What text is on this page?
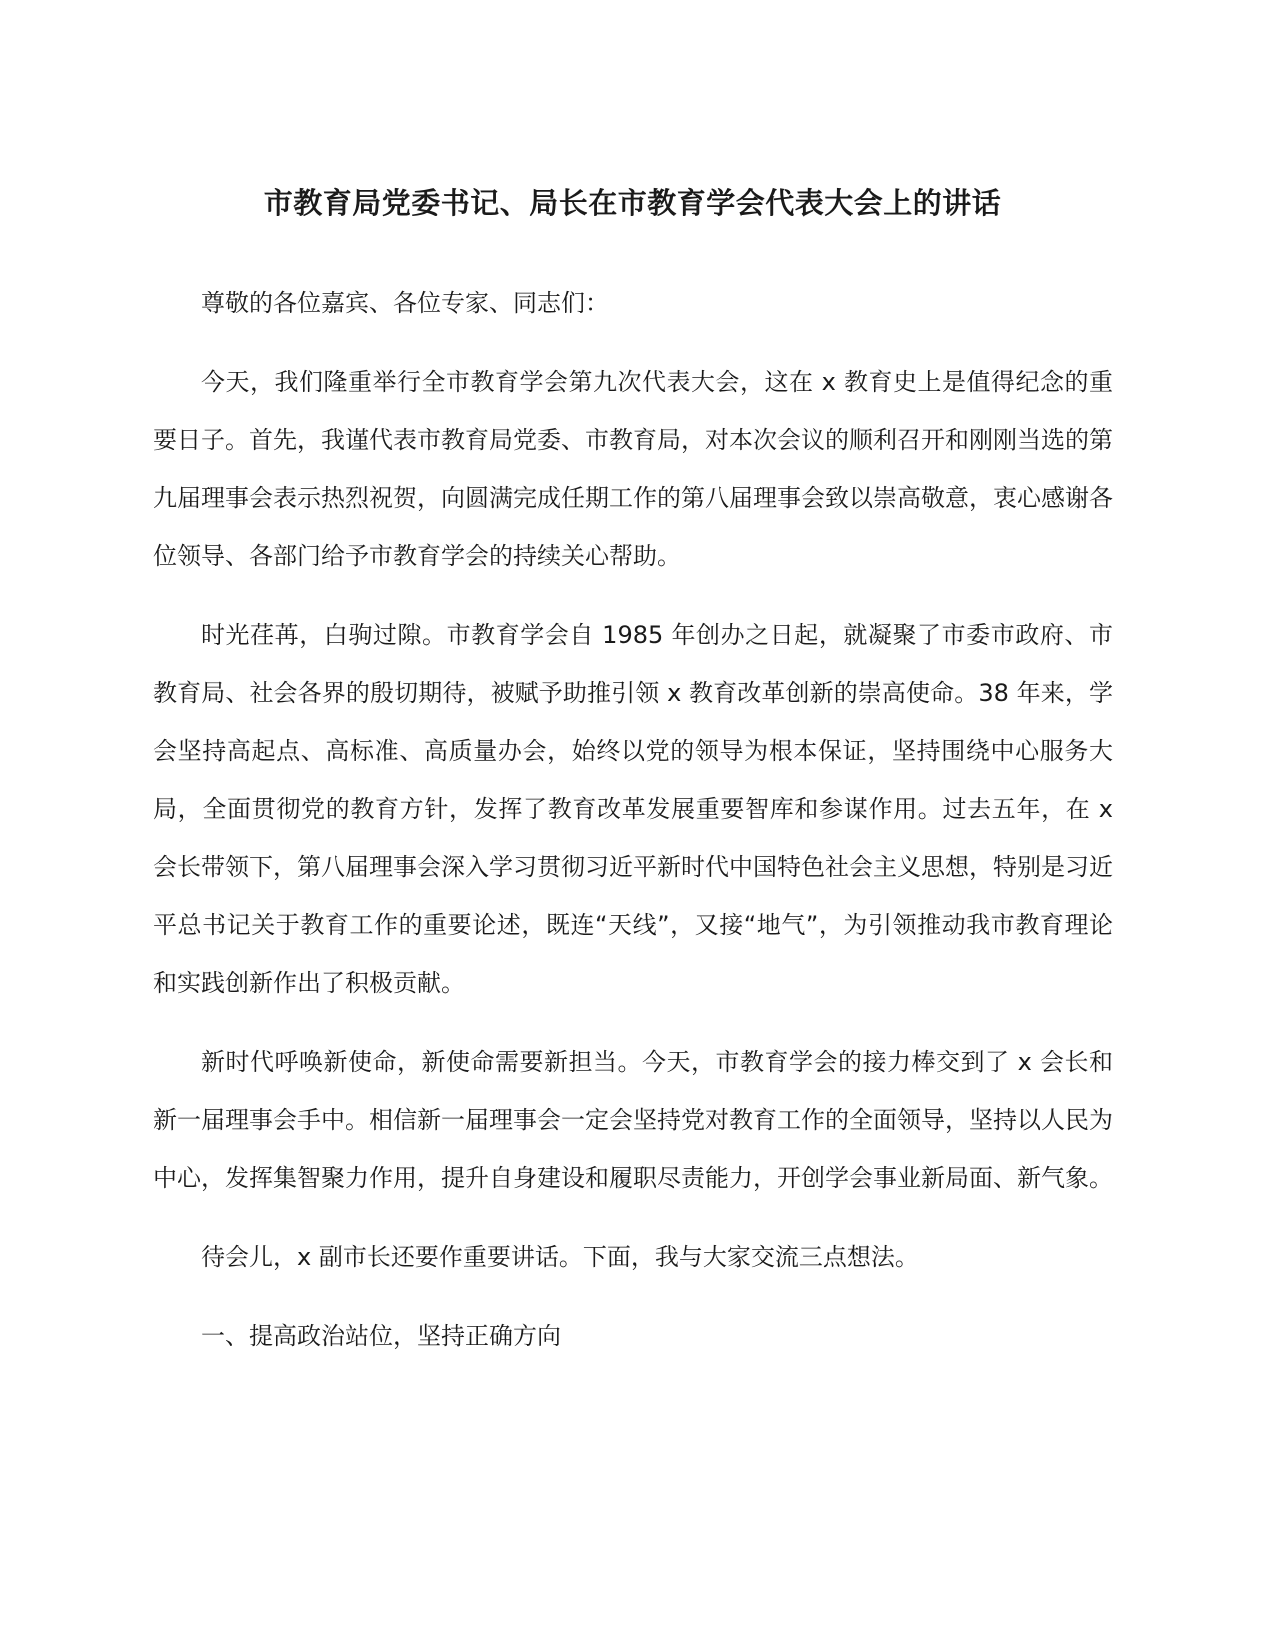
市教育局党委书记、局长在市教育学会代表大会上的讲话

尊敬的各位嘉宾、各位专家、同志们：

今天，我们隆重举行全市教育学会第九次代表大会，这在 x 教育史上是值得纪念的重要日子。首先，我谨代表市教育局党委、市教育局，对本次会议的顺利召开和刚刚当选的第九届理事会表示热烈祝贺，向圆满完成任期工作的第八届理事会致以崇高敬意，衷心感谢各位领导、各部门给予市教育学会的持续关心帮助。

时光荏苒，白驹过隙。市教育学会自 1985 年创办之日起，就凝聚了市委市政府、市教育局、社会各界的殷切期待，被赋予助推引领 x 教育改革创新的崇高使命。38 年来，学会坚持高起点、高标准、高质量办会，始终以党的领导为根本保证，坚持围绕中心服务大局，全面贯彻党的教育方针，发挥了教育改革发展重要智库和参谋作用。过去五年，在 x 会长带领下，第八届理事会深入学习贯彻习近平新时代中国特色社会主义思想，特别是习近平总书记关于教育工作的重要论述，既连“天线”，又接“地气”，为引领推动我市教育理论和实践创新作出了积极贡献。

新时代呼唤新使命，新使命需要新担当。今天，市教育学会的接力棒交到了 x 会长和新一届理事会手中。相信新一届理事会一定会坚持党对教育工作的全面领导，坚持以人民为中心，发挥集智聚力作用，提升自身建设和履职尽责能力，开创学会事业新局面、新气象。

待会儿，x 副市长还要作重要讲话。下面，我与大家交流三点想法。

一、提高政治站位，坚持正确方向
